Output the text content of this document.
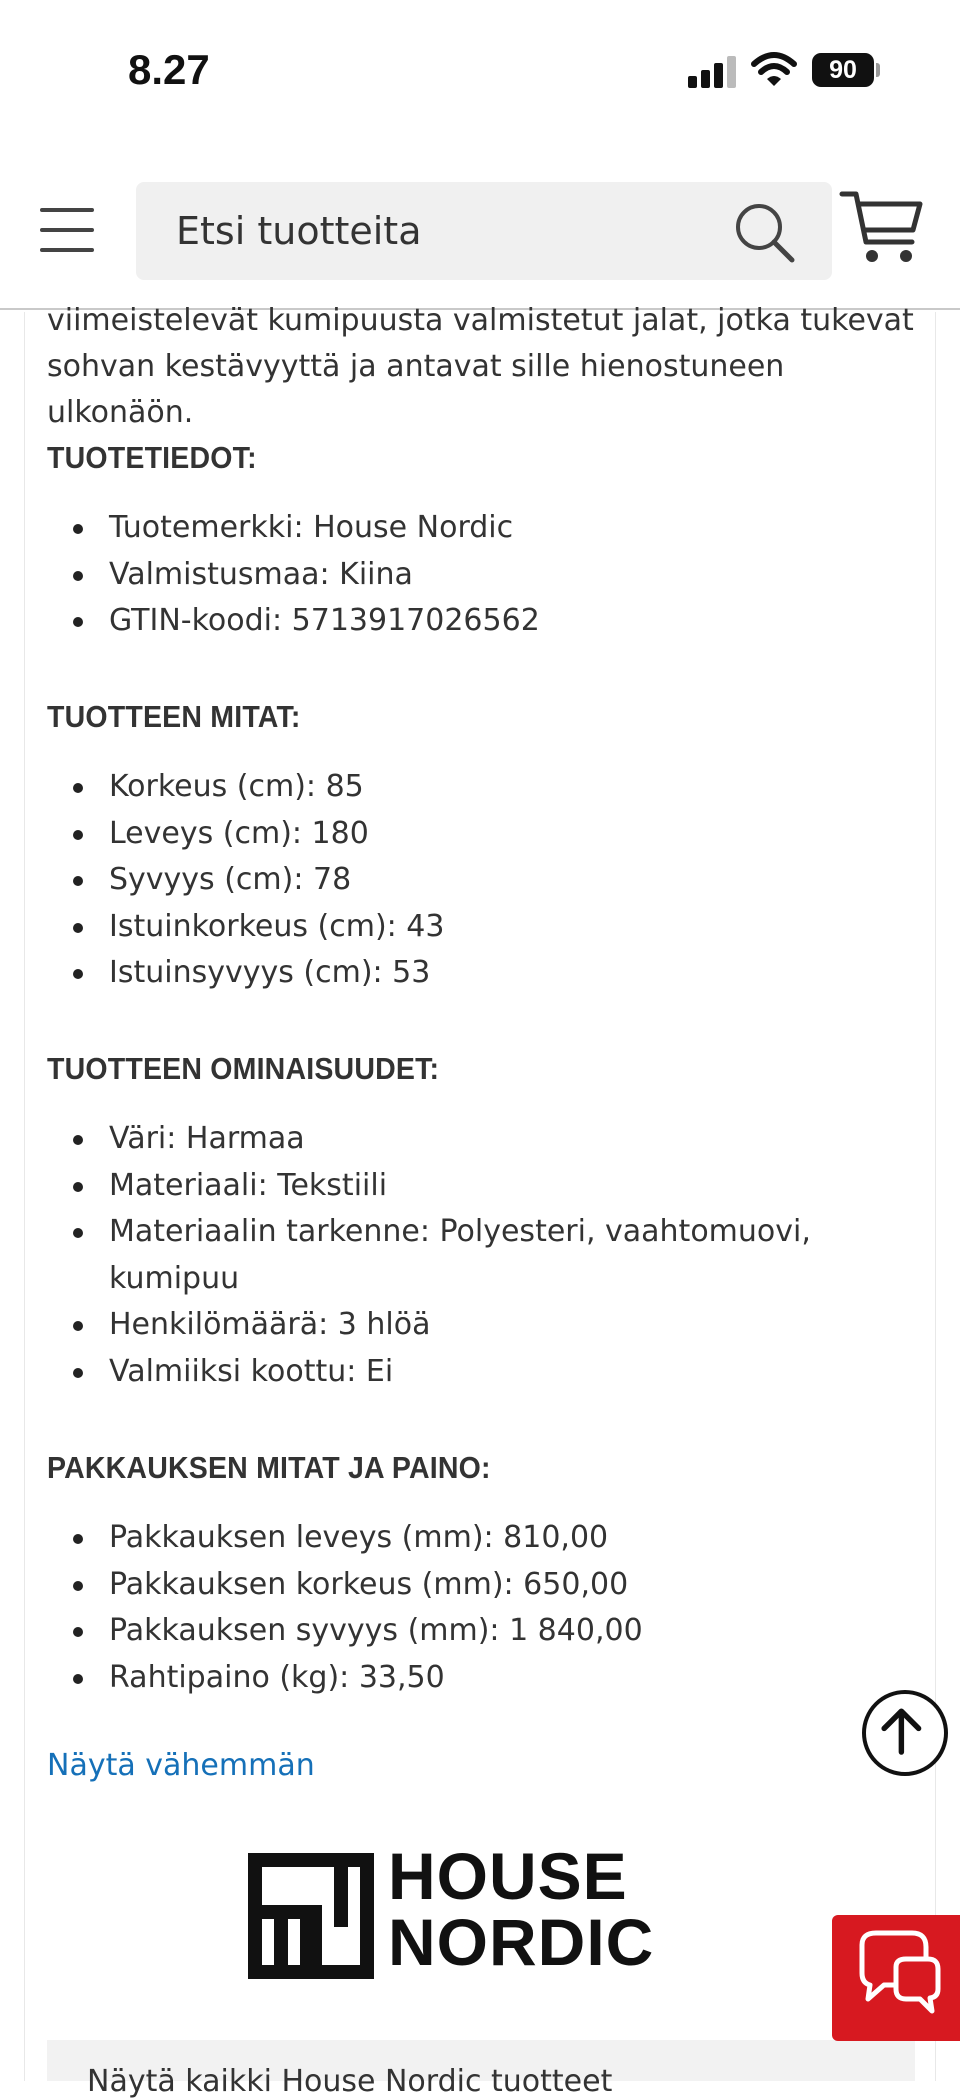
8.27	90
Etsi tuotteita

viimeistelevät kumipuusta valmistetut jalat, jotka tukevat sohvan kestävyyttä ja antavat sille hienostuneen ulkonäön.

TUOTETIEDOT:
Tuotemerkki: House Nordic
Valmistusmaa: Kiina
GTIN-koodi: 5713917026562
TUOTTEEN MITAT:
Korkeus (cm): 85
Leveys (cm): 180
Syvyys (cm): 78
Istuinkorkeus (cm): 43
Istuinsyvyys (cm): 53
TUOTTEEN OMINAISUUDET:
Väri: Harmaa
Materiaali: Tekstiili
Materiaalin tarkenne: Polyesteri, vaahtomuovi, kumipuu
Henkilömäärä: 3 hlöä
Valmiiksi koottu: Ei
PAKKAUKSEN MITAT JA PAINO:
Pakkauksen leveys (mm): 810,00
Pakkauksen korkeus (mm): 650,00
Pakkauksen syvyys (mm): 1 840,00
Rahtipaino (kg): 33,50
Näytä vähemmän
HOUSE
NORDIC
Näytä kaikki House Nordic tuotteet
